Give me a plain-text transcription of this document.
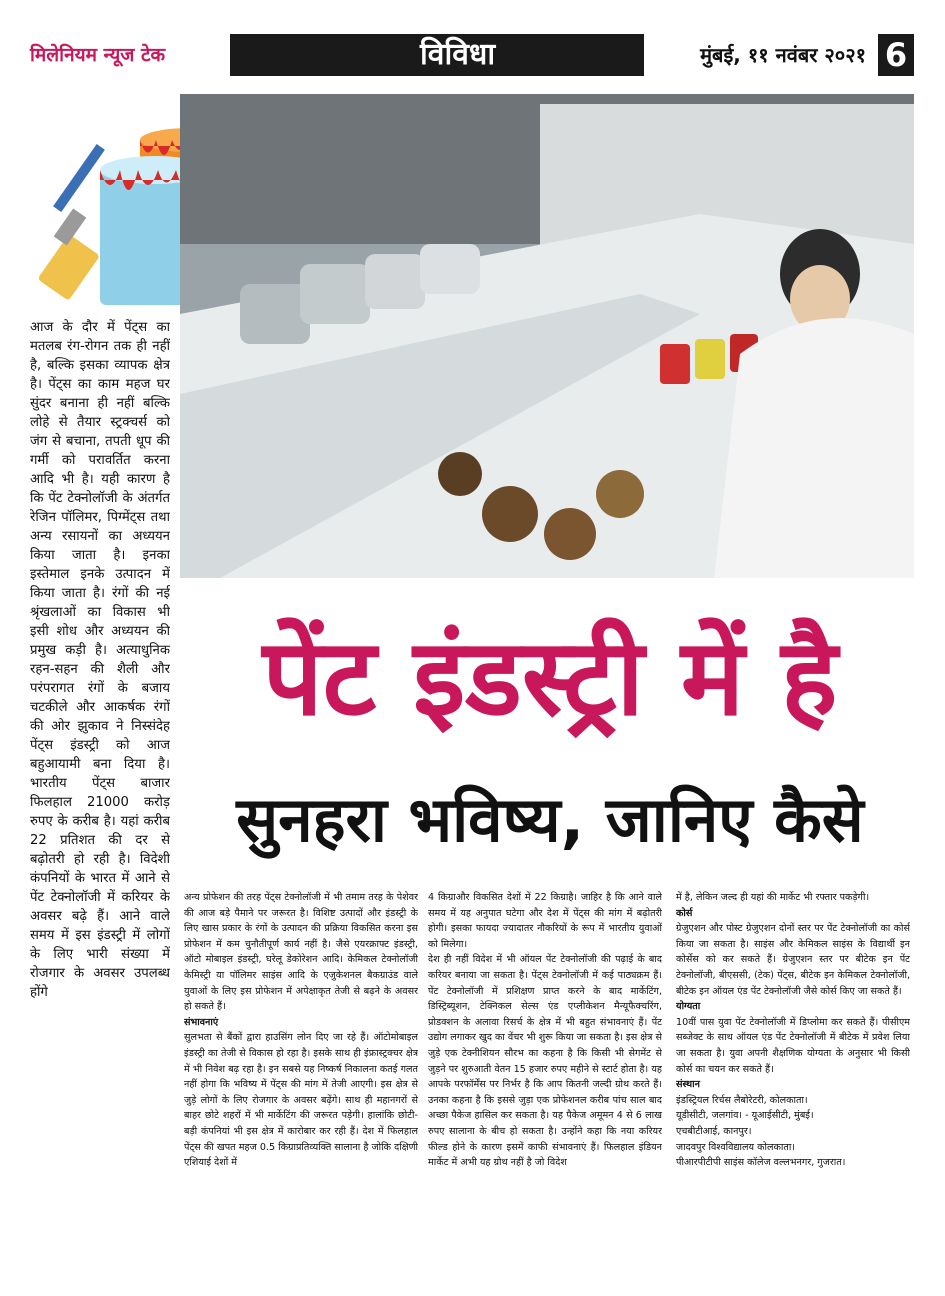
मिलेनियम न्यूज टेक	विविधा	मुंबई, ११ नवंबर २०२१ 6

आज के दौर में पेंट्स का मतलब रंग-रोगन तक ही नहीं है, बल्कि इसका व्यापक क्षेत्र है। पेंट्स का काम महज घर सुंदर बनाना ही नहीं बल्कि लोहे से तैयार स्ट्रक्चर्स को जंग से बचाना, तपती धूप की गर्मी को परावर्तित करना आदि भी है। यही कारण है कि पेंट टेक्नोलॉजी के अंतर्गत रेजिन पॉलिमर, पिग्मेंट्स तथा अन्य रसायनों का अध्ययन किया जाता है। इनका इस्तेमाल इनके उत्पादन में किया जाता है। रंगों की नई श्रृंखलाओं का विकास भी इसी शोध और अध्ययन की प्रमुख कड़ी है। अत्याधुनिक रहन-सहन की शैली और परंपरागत रंगों के बजाय चटकीले और आकर्षक रंगों की ओर झुकाव ने निस्संदेह पेंट्स इंडस्ट्री को आज बहुआयामी बना दिया है। भारतीय पेंट्स बाजार फिलहाल 21000 करोड़ रुपए के करीब है। यहां करीब 22 प्रतिशत की दर से बढ़ोतरी हो रही है। विदेशी कंपनियों के भारत में आने से पेंट टेक्नोलॉजी में करियर के अवसर बढ़े हैं। आने वाले समय में इस इंडस्ट्री में लोगों के लिए भारी संख्या में रोजगार के अवसर उपलब्ध होंगे

पेंट इंडस्ट्री में है
सुनहरा भविष्य, जानिए कैसे

अन्य प्रोफेशन की तरह पेंट्स टेक्नोलॉजी में भी तमाम तरह के पेशेवर की आज बड़े पैमाने पर जरूरत है। विशिष्ट उत्पादों और इंडस्ट्री के लिए खास प्रकार के रंगों के उत्पादन की प्रक्रिया विकसित करना इस प्रोफेशन में कम चुनौतीपूर्ण कार्य नहीं है। जैसे एयरक्राफ्ट इंडस्ट्री, ऑटो मोबाइल इंडस्ट्री, घरेलू डेकोरेशन आदि। केमिकल टेक्नोलॉजी केमिस्ट्री या पॉलिमर साइंस आदि के एजुकेशनल बैकग्राउंड वाले युवाओं के लिए इस प्रोफेशन में अपेक्षाकृत तेजी से बढ़ने के अवसर हो सकते हैं।

संभावनाएं

सुलभता से बैंकों द्वारा हाउसिंग लोन दिए जा रहे हैं। ऑटोमोबाइल इंडस्ट्री का तेजी से विकास हो रहा है। इसके साथ ही इंफ्रास्ट्रक्चर क्षेत्र में भी निवेश बढ़ रहा है। इन सबसे यह निष्कर्ष निकालना कतई गलत नहीं होगा कि भविष्य में पेंट्स की मांग में तेजी आएगी। इस क्षेत्र से जुड़े लोगों के लिए रोजगार के अवसर बढ़ेंगे। साथ ही महानगरों से बाहर छोटे शहरों में भी मार्केटिंग की जरूरत पड़ेगी। हालांकि छोटी-बड़ी कंपनियां भी इस क्षेत्र में कारोबार कर रही हैं। देश में फिलहाल पेंट्स की खपत महज 0.5 किग्राप्रतिव्यक्ति सालाना है जोकि दक्षिणी एशियाई देशों में

4 किग्राऔर विकसित देशों में 22 किग्राहै। जाहिर है कि आने वाले समय में यह अनुपात घटेगा और देश में पेंट्स की मांग में बढ़ोतरी होगी। इसका फायदा ज्यादातर नौकरियों के रूप में भारतीय युवाओं को मिलेगा।

देश ही नहीं विदेश में भी ऑयल पेंट टेक्नोलॉजी की पढ़ाई के बाद करियर बनाया जा सकता है। पेंट्स टेक्नोलॉजी में कई पाठ्यक्रम हैं। पेंट टेक्नोलॉजी में प्रशिक्षण प्राप्त करने के बाद मार्केटिंग, डिस्ट्रिब्यूशन, टेक्निकल सेल्स एंड एप्लीकेशन मैन्यूफैक्चरिंग, प्रोडक्शन के अलावा रिसर्च के क्षेत्र में भी बहुत संभावनाएं हैं। पेंट उद्योग लगाकर खुद का वेंचर भी शुरू किया जा सकता है। इस क्षेत्र से जुड़े एक टेक्नीशियन सौरभ का कहना है कि किसी भी सेगमेंट से जुड़ने पर शुरुआती वेतन 15 हजार रुपए महीने से स्टार्ट होता है। यह आपके परफॉर्मेंस पर निर्भर है कि आप कितनी जल्दी ग्रोथ करते हैं। उनका कहना है कि इससे जुड़ा एक प्रोफेशनल करीब पांच साल बाद अच्छा पैकेज हासिल कर सकता है। यह पैकेज अमूमन 4 से 6 लाख रुपए सालाना के बीच हो सकता है। उन्होंने कहा कि नया करियर फील्ड होने के कारण इसमें काफी संभावनाएं हैं। फिलहाल इंडियन मार्केट में अभी यह ग्रोथ नहीं है जो विदेश

में है, लेकिन जल्द ही यहां की मार्केट भी रफ्तार पकड़ेगी।

कोर्स

ग्रेजुएशन और पोस्ट ग्रेजुएशन दोनों स्तर पर पेंट टेक्नोलॉजी का कोर्स किया जा सकता है। साइंस और केमिकल साइंस के विद्यार्थी इन कोर्सेस को कर सकते हैं। ग्रेजुएशन स्तर पर बीटेक इन पेंट टेक्नोलॉजी, बीएससी, (टेक) पेंट्स, बीटेक इन केमिकल टेक्नोलॉजी, बीटेक इन ऑयल एंड पेंट टेक्नोलॉजी जैसे कोर्स किए जा सकते हैं।

योग्यता

10वीं पास युवा पेंट टेक्नोलॉजी में डिप्लोमा कर सकते हैं। पीसीएम सब्जेक्ट के साथ ऑयल एंड पेंट टेक्नोलॉजी में बीटेक में प्रवेश लिया जा सकता है। युवा अपनी शैक्षणिक योग्यता के अनुसार भी किसी कोर्स का चयन कर सकते हैं।

संस्थान

इंडस्ट्रियल रिर्चस लैबोरेटरी, कोलकाता।

यूडीसीटी, जलगांव। - यूआईसीटी, मुंबई।

एचबीटीआई, कानपुर।

जादवपुर विश्वविद्यालय कोलकाता।

पीआरपीटीपी साइंस कॉलेज वल्लभनगर, गुजरात।
